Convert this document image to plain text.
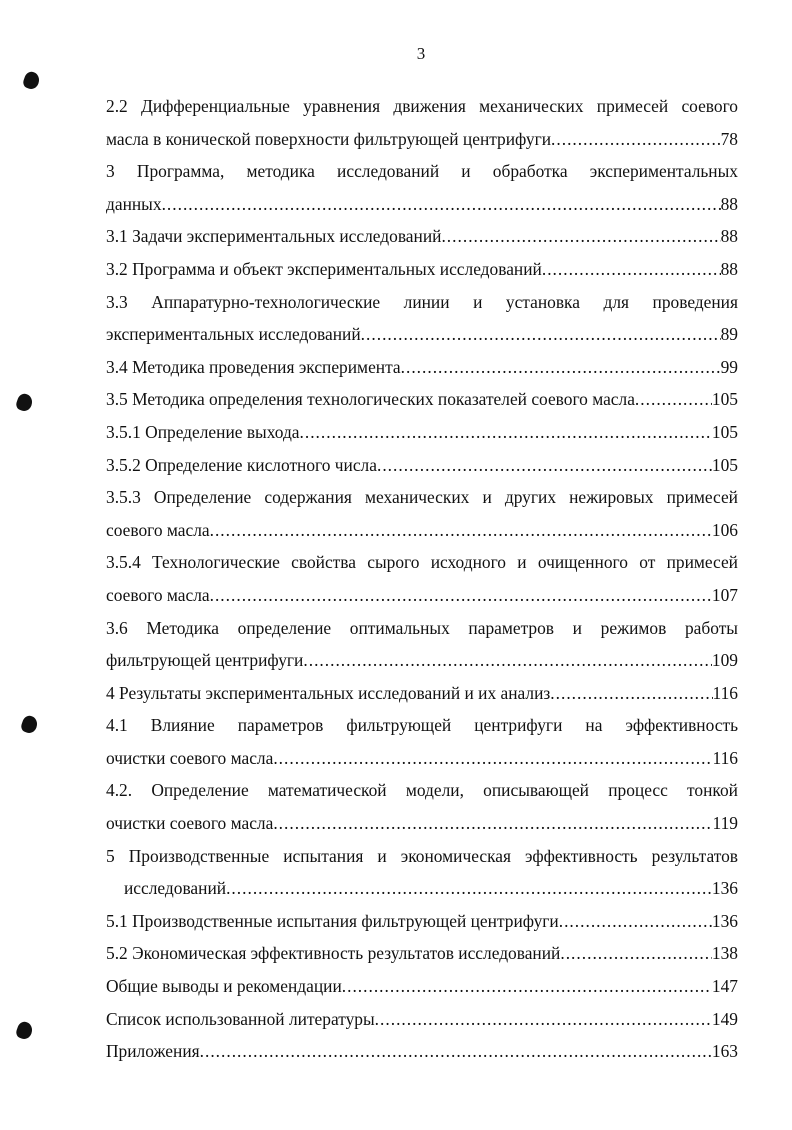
3
2.2 Дифференциальные уравнения движения механических примесей соевого
масла в конической поверхности фильтрующей центрифуги .....	78
3 Программа, методика исследований и обработка экспериментальных
данных .....	88
3.1 Задачи экспериментальных исследований .....	88
3.2 Программа и объект экспериментальных исследований .....	88
3.3 Аппаратурно-технологические линии и установка для проведения
экспериментальных исследований .....	89
3.4 Методика проведения эксперимента .....	99
3.5 Методика определения технологических показателей соевого масла .....	105
3.5.1 Определение выхода .....	105
3.5.2 Определение кислотного числа .....	105
3.5.3 Определение содержания механических и других нежировых примесей
соевого масла .....	106
3.5.4 Технологические свойства сырого исходного и очищенного от примесей
соевого масла .....	107
3.6 Методика определение оптимальных параметров и режимов работы
фильтрующей центрифуги .....	109
4 Результаты экспериментальных исследований и их анализ .....	116
4.1 Влияние параметров фильтрующей центрифуги на эффективность
очистки соевого масла .....	116
4.2. Определение математической модели, описывающей процесс тонкой
очистки соевого масла .....	119
5 Производственные испытания и экономическая эффективность результатов
исследований .....	136
5.1 Производственные испытания фильтрующей центрифуги .....	136
5.2 Экономическая эффективность результатов исследований .....	138
Общие выводы и рекомендации .....	147
Список использованной литературы .....	149
Приложения .....	163
